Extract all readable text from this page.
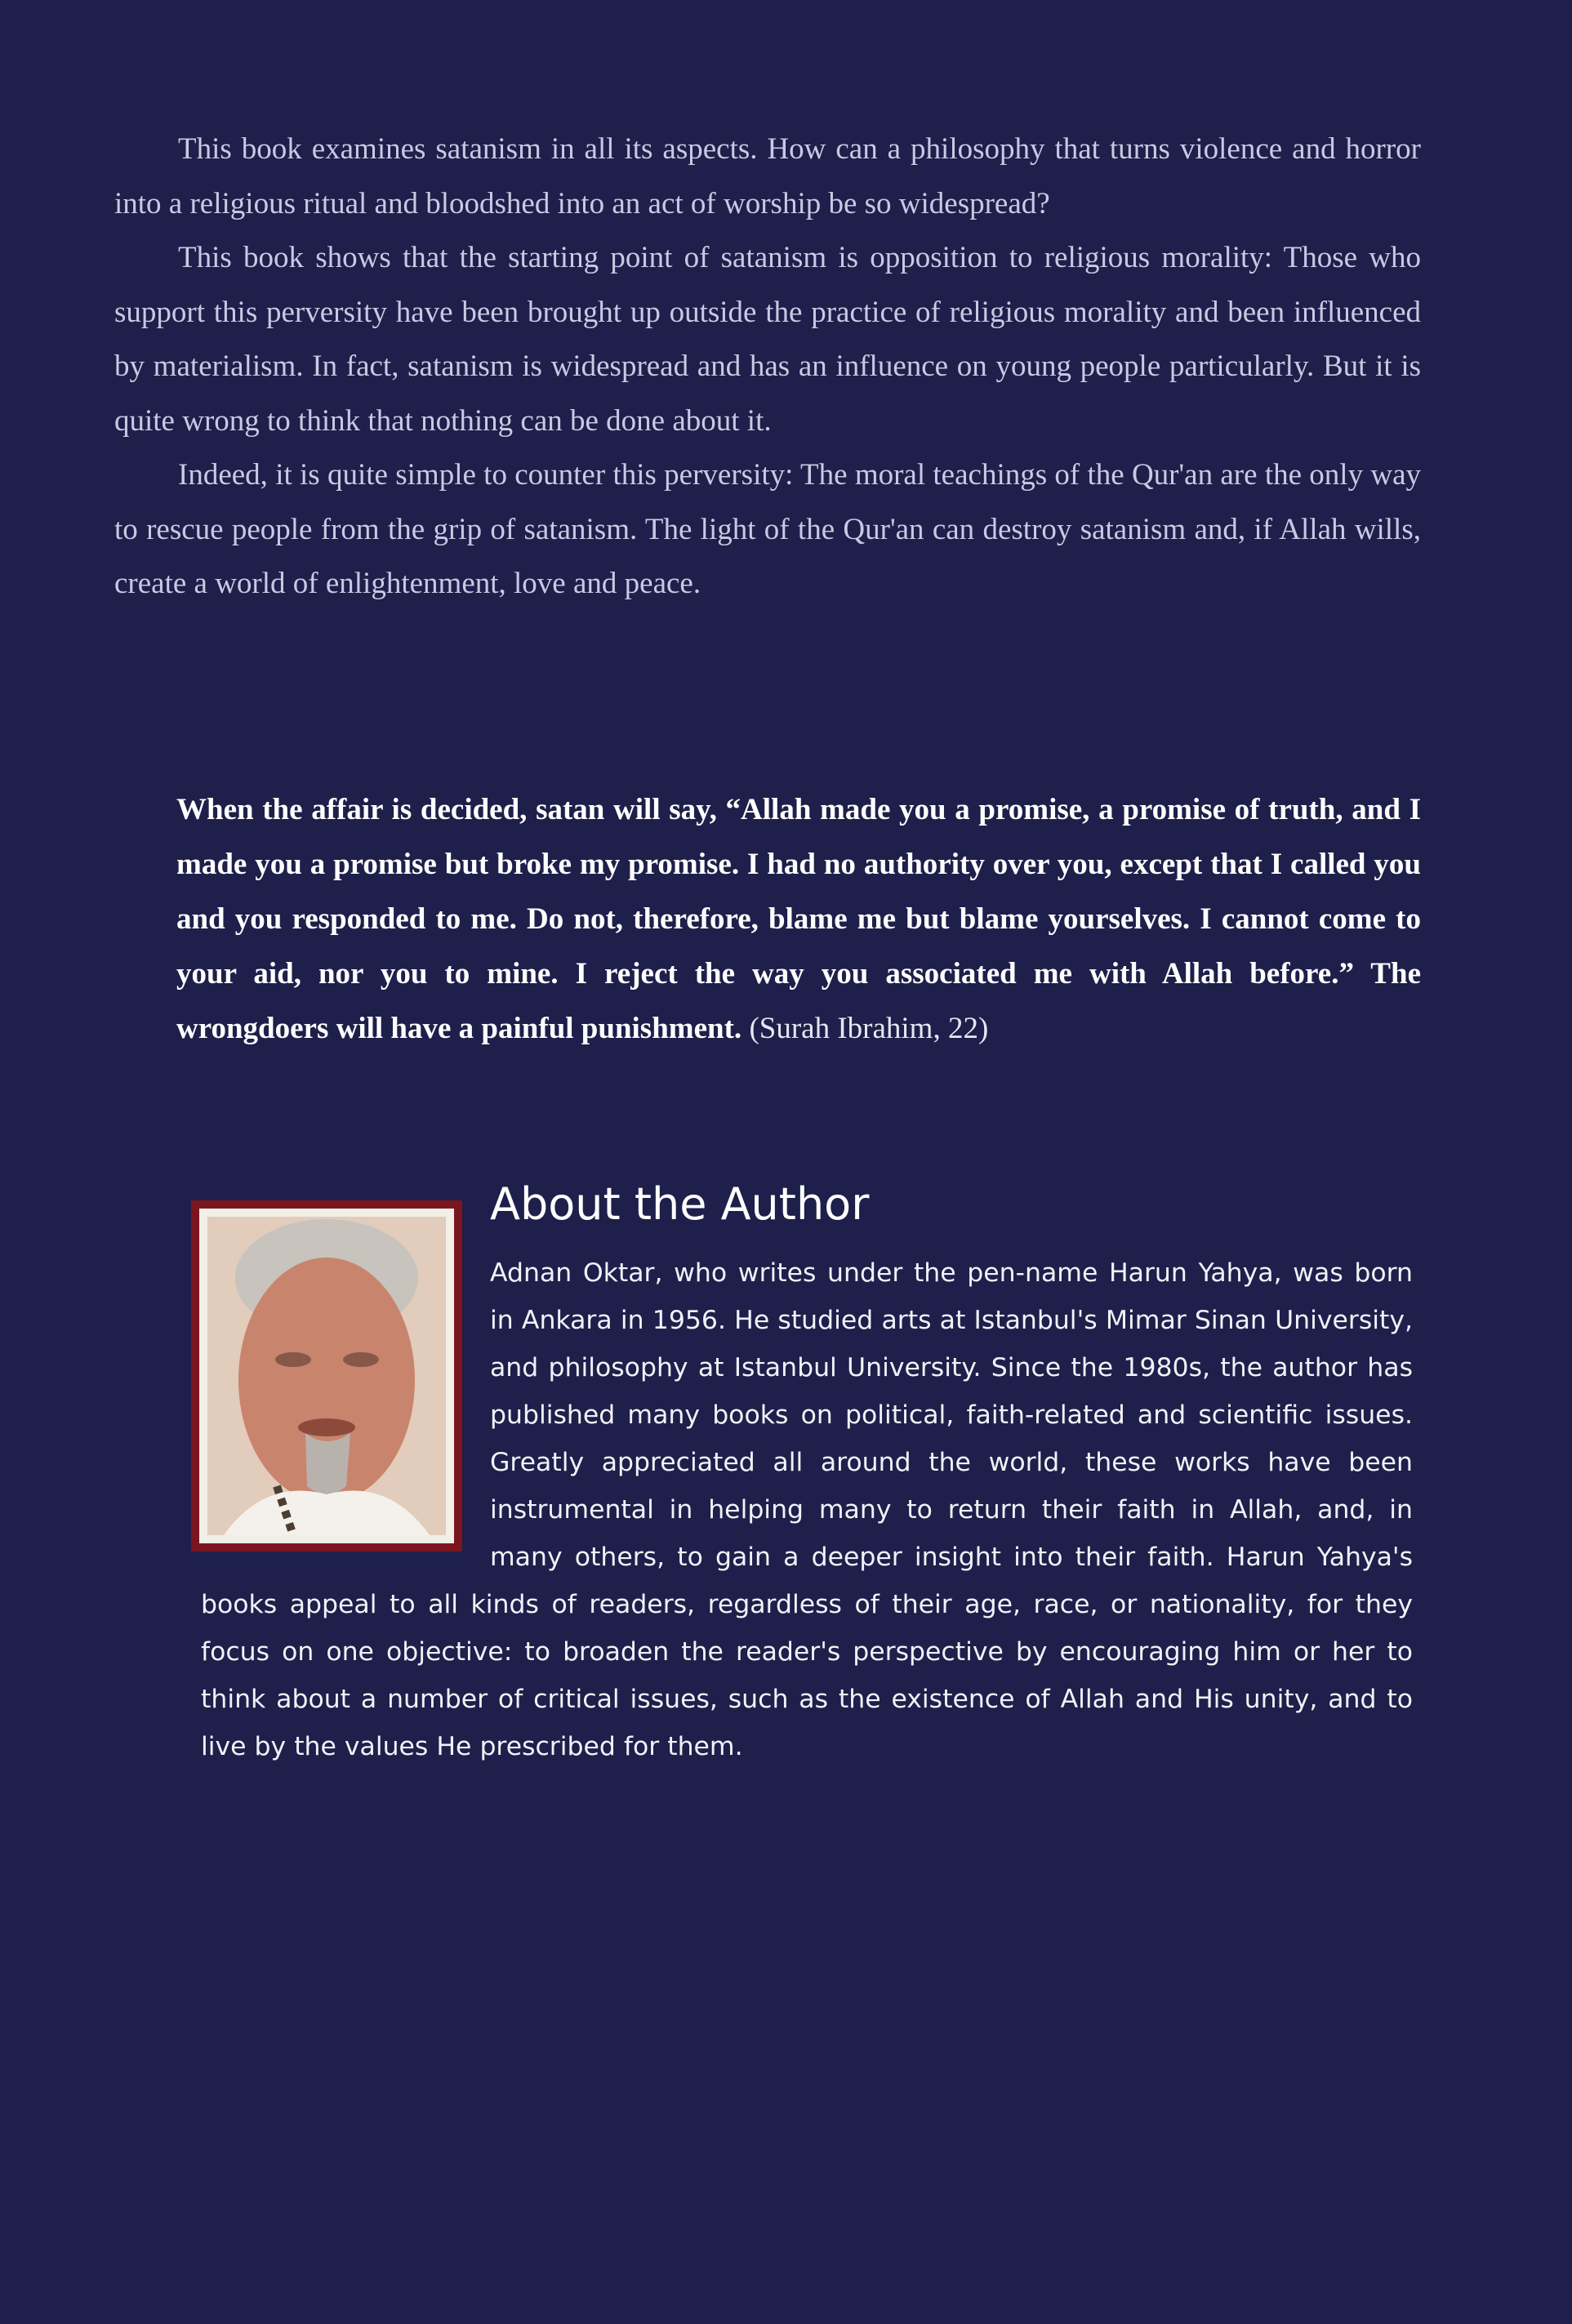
This book examines satanism in all its aspects. How can a philosophy that turns violence and horror into a religious ritual and bloodshed into an act of worship be so widespread?

This book shows that the starting point of satanism is opposition to religious morality: Those who support this perversity have been brought up outside the practice of religious morality and been influenced by materialism. In fact, satanism is widespread and has an influence on young people particularly. But it is quite wrong to think that nothing can be done about it.

Indeed, it is quite simple to counter this perversity: The moral teachings of the Qur'an are the only way to rescue people from the grip of satanism. The light of the Qur'an can destroy satanism and, if Allah wills, create a world of enlightenment, love and peace.

When the affair is decided, satan will say, “Allah made you a promise, a promise of truth, and I made you a promise but broke my promise. I had no authority over you, except that I called you and you responded to me. Do not, therefore, blame me but blame yourselves. I cannot come to your aid, nor you to mine. I reject the way you associated me with Allah before.” The wrongdoers will have a painful punishment. (Surah Ibrahim, 22)
About the Author
Adnan Oktar, who writes under the pen-name Harun Yahya, was born in Ankara in 1956. He studied arts at Istanbul's Mimar Sinan University, and philosophy at Istanbul University. Since the 1980s, the author has published many books on political, faith-related and scientific issues. Greatly appreciated all around the world, these works have been instrumental in helping many to return their faith in Allah, and, in many others, to gain a deeper insight into their faith. Harun Yahya's books appeal to all kinds of readers, regardless of their age, race, or nationality, for they focus on one objective: to broaden the reader's perspective by encouraging him or her to think about a number of critical issues, such as the existence of Allah and His unity, and to live by the values He prescribed for them.
